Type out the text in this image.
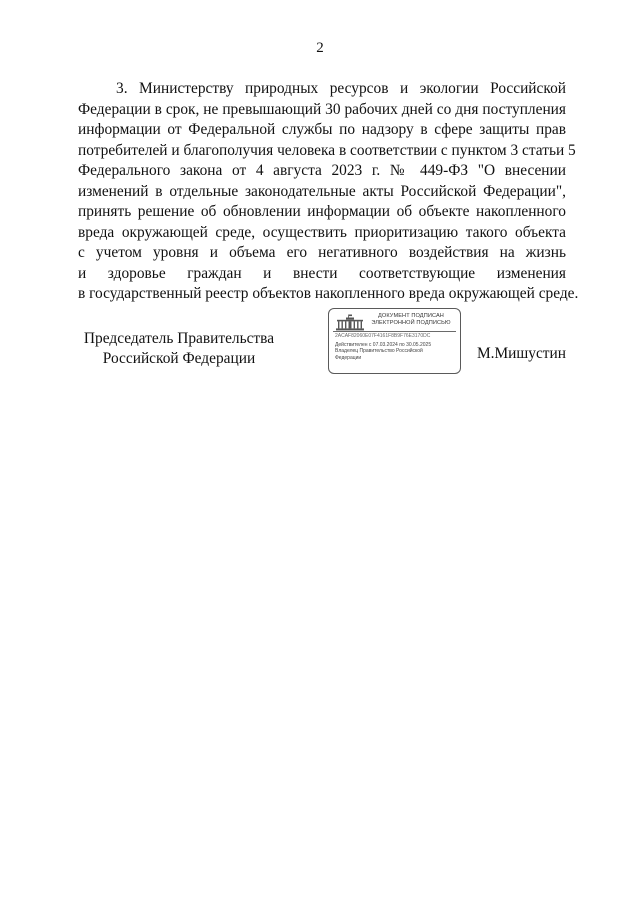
2
3. Министерству природных ресурсов и экологии Российской
Федерации в срок, не превышающий 30 рабочих дней со дня поступления
информации от Федеральной службы по надзору в сфере защиты прав
потребителей и благополучия человека в соответствии с пунктом 3 статьи 5
Федерального закона от 4 августа 2023 г. № 449-ФЗ "О внесении
изменений в отдельные законодательные акты Российской Федерации",
принять решение об обновлении информации об объекте накопленного
вреда окружающей среде, осуществить приоритизацию такого объекта
с учетом уровня и объема его негативного воздействия на жизнь
и здоровье граждан и внести соответствующие изменения
в государственный реестр объектов накопленного вреда окружающей среде.
Председатель Правительства
Российской Федерации
ДОКУМЕНТ ПОДПИСАН
ЭЛЕКТРОННОЙ ПОДПИСЬЮ
2ACAF82060E07F4161F8B9F76E3170DC
Действителен с 07.03.2024 по 30.05.2025
Владелец Правительство Российской
Федерации	М.Мишустин
